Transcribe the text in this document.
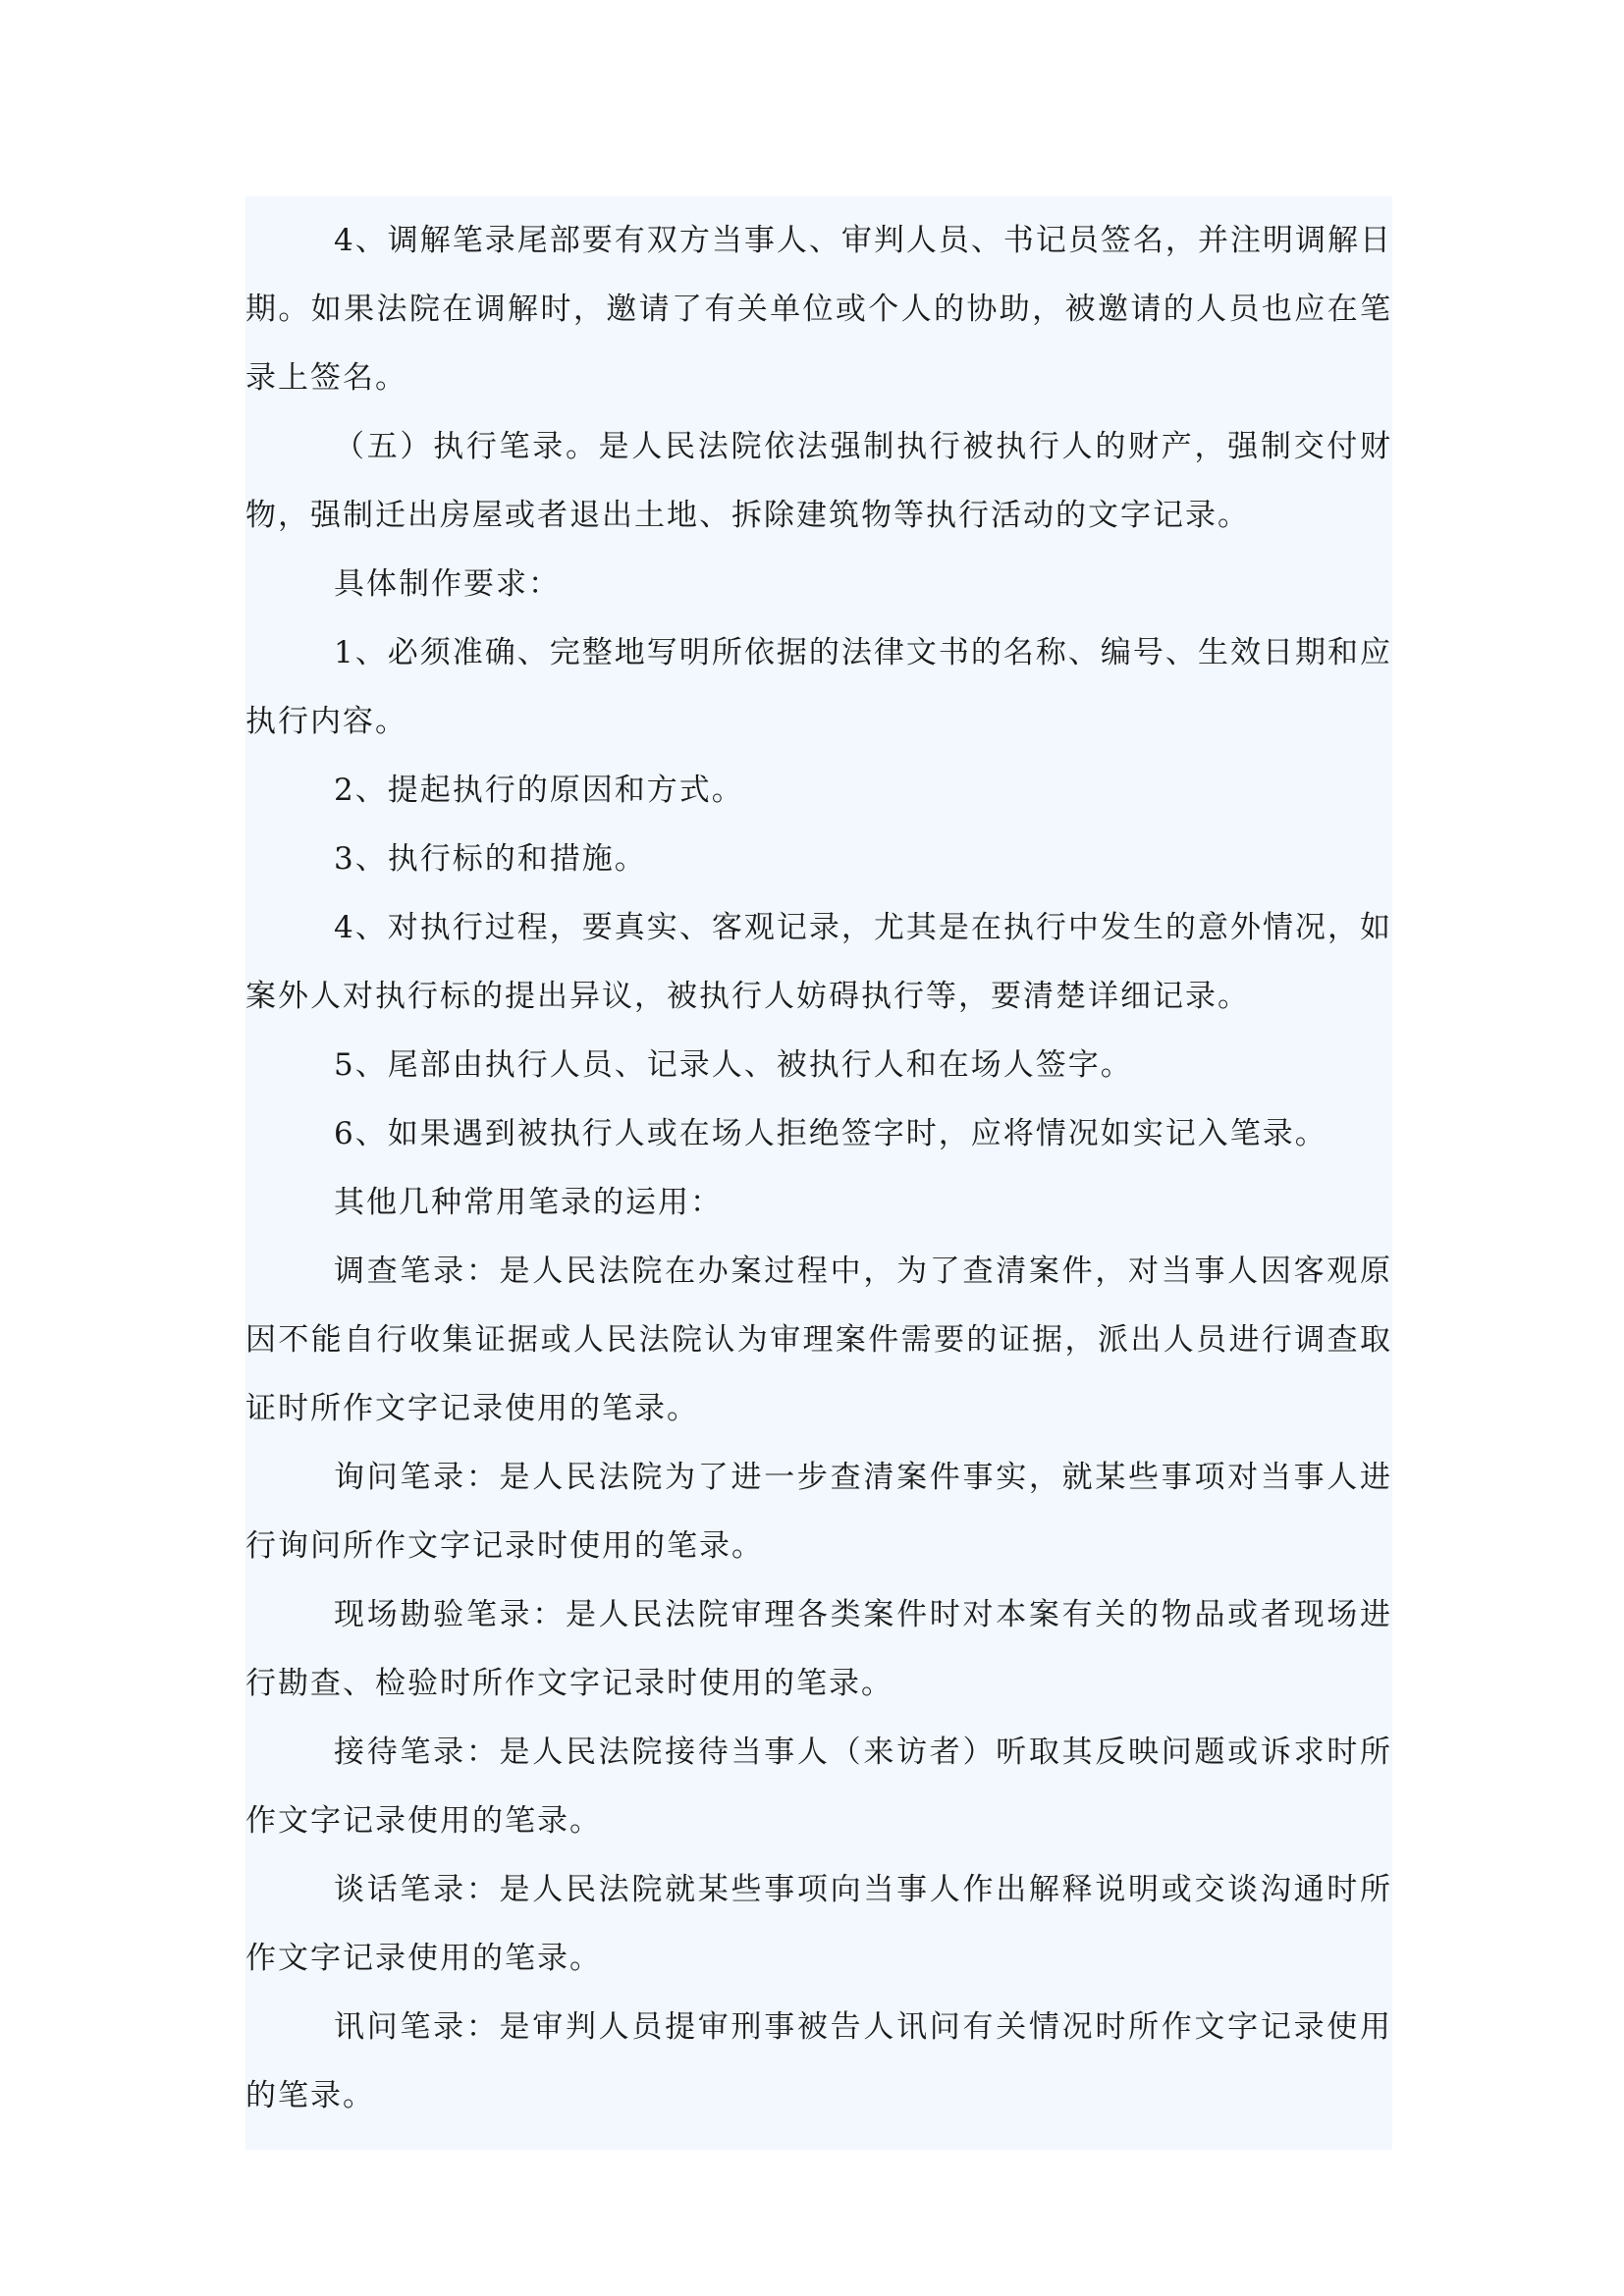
4、调解笔录尾部要有双方当事人、审判人员、书记员签名，并注明调解日期。如果法院在调解时，邀请了有关单位或个人的协助，被邀请的人员也应在笔录上签名。

（五）执行笔录。是人民法院依法强制执行被执行人的财产，强制交付财物，强制迁出房屋或者退出土地、拆除建筑物等执行活动的文字记录。

具体制作要求：

1、必须准确、完整地写明所依据的法律文书的名称、编号、生效日期和应执行内容。

2、提起执行的原因和方式。

3、执行标的和措施。

4、对执行过程，要真实、客观记录，尤其是在执行中发生的意外情况，如案外人对执行标的提出异议，被执行人妨碍执行等，要清楚详细记录。

5、尾部由执行人员、记录人、被执行人和在场人签字。

6、如果遇到被执行人或在场人拒绝签字时，应将情况如实记入笔录。

其他几种常用笔录的运用：

调查笔录：是人民法院在办案过程中，为了查清案件，对当事人因客观原因不能自行收集证据或人民法院认为审理案件需要的证据，派出人员进行调查取证时所作文字记录使用的笔录。

询问笔录：是人民法院为了进一步查清案件事实，就某些事项对当事人进行询问所作文字记录时使用的笔录。

现场勘验笔录：是人民法院审理各类案件时对本案有关的物品或者现场进行勘查、检验时所作文字记录时使用的笔录。

接待笔录：是人民法院接待当事人（来访者）听取其反映问题或诉求时所作文字记录使用的笔录。

谈话笔录：是人民法院就某些事项向当事人作出解释说明或交谈沟通时所作文字记录使用的笔录。

讯问笔录：是审判人员提审刑事被告人讯问有关情况时所作文字记录使用的笔录。
